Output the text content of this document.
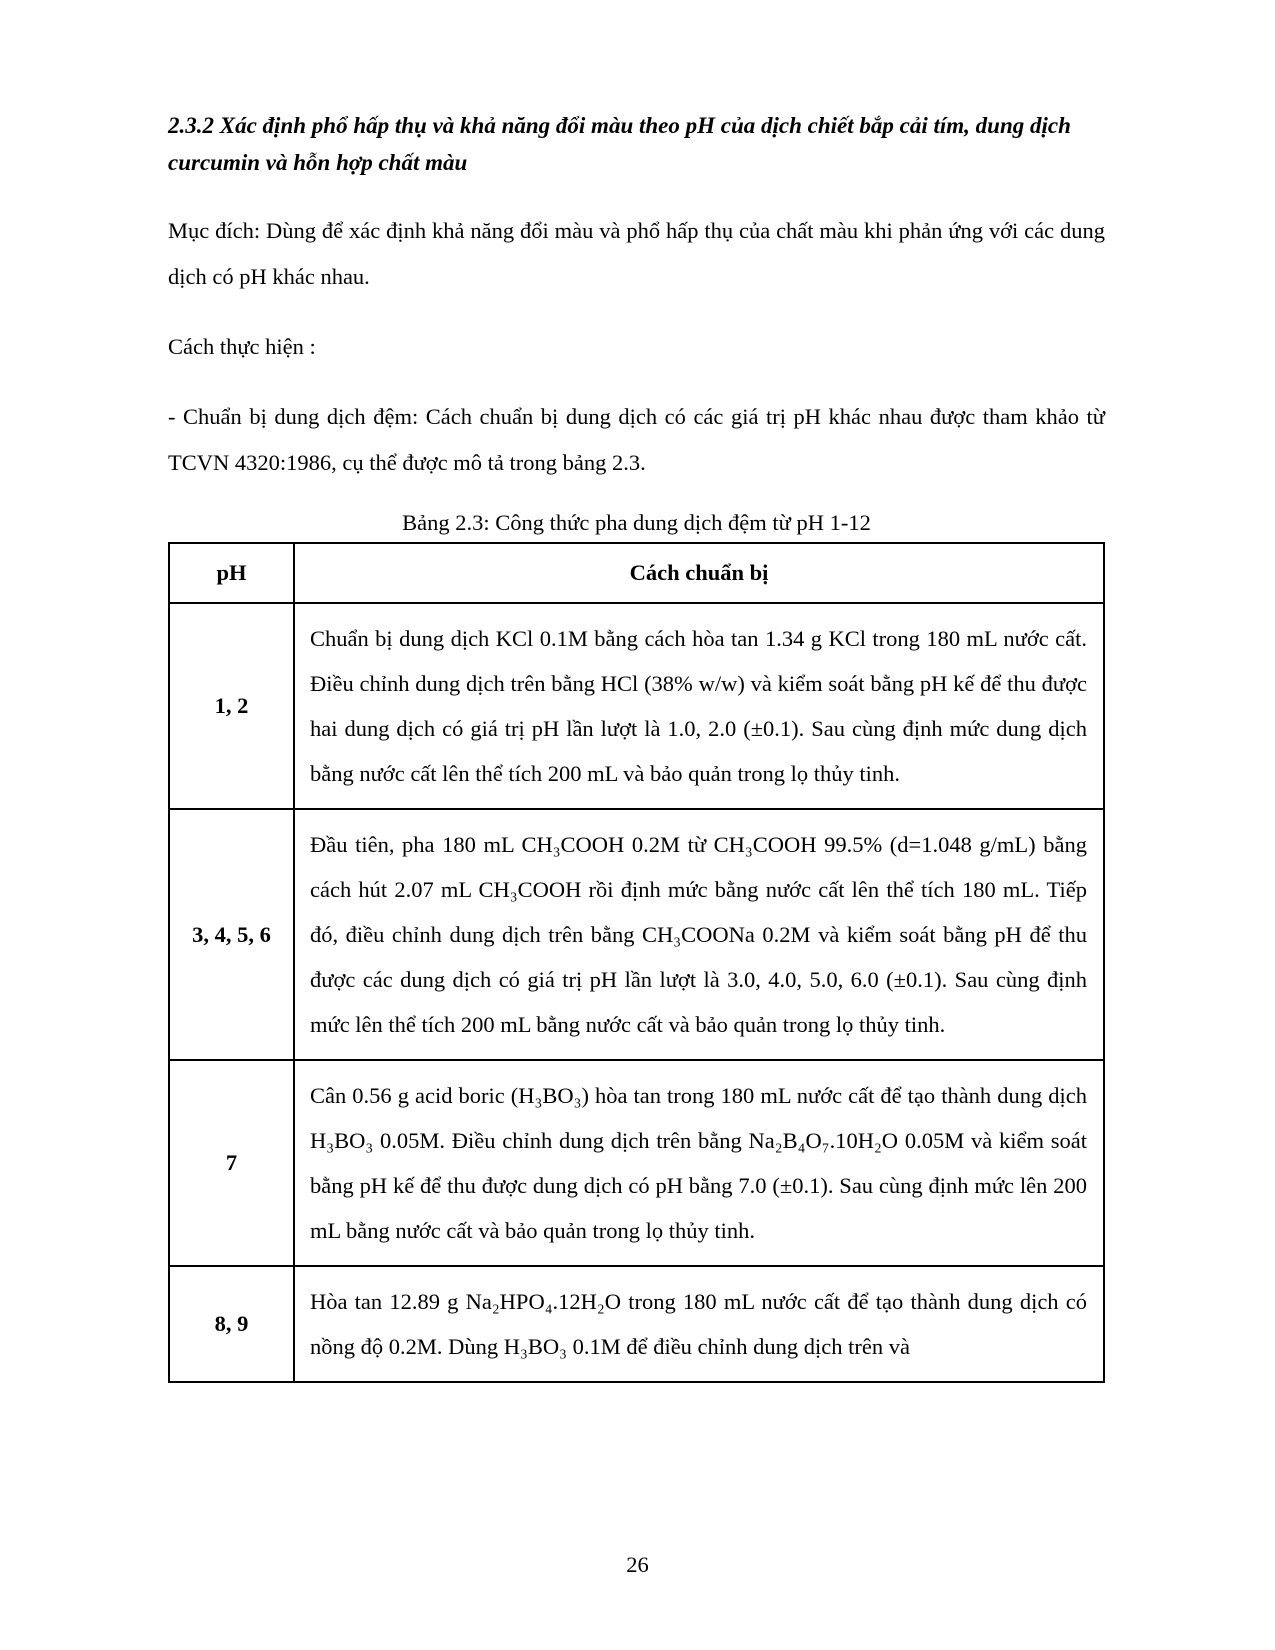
2.3.2 Xác định phổ hấp thụ và khả năng đổi màu theo pH của dịch chiết bắp cải tím, dung dịch curcumin và hỗn hợp chất màu

Mục đích: Dùng để xác định khả năng đổi màu và phổ hấp thụ của chất màu khi phản ứng với các dung dịch có pH khác nhau.

Cách thực hiện :

- Chuẩn bị dung dịch đệm: Cách chuẩn bị dung dịch có các giá trị pH khác nhau được tham khảo từ TCVN 4320:1986, cụ thể được mô tả trong bảng 2.3.

Bảng 2.3: Công thức pha dung dịch đệm từ pH 1-12

pH	Cách chuẩn bị
1, 2	Chuẩn bị dung dịch KCl 0.1M bằng cách hòa tan 1.34 g KCl trong 180 mL nước cất. Điều chỉnh dung dịch trên bằng HCl (38% w/w) và kiểm soát bằng pH kế để thu được hai dung dịch có giá trị pH lần lượt là 1.0, 2.0 (±0.1). Sau cùng định mức dung dịch bằng nước cất lên thể tích 200 mL và bảo quản trong lọ thủy tinh.
3, 4, 5, 6	Đầu tiên, pha 180 mL CH₃COOH 0.2M từ CH₃COOH 99.5% (d=1.048 g/mL) bằng cách hút 2.07 mL CH₃COOH rồi định mức bằng nước cất lên thể tích 180 mL. Tiếp đó, điều chỉnh dung dịch trên bằng CH₃COONa 0.2M và kiểm soát bằng pH để thu được các dung dịch có giá trị pH lần lượt là 3.0, 4.0, 5.0, 6.0 (±0.1). Sau cùng định mức lên thể tích 200 mL bằng nước cất và bảo quản trong lọ thủy tinh.
7	Cân 0.56 g acid boric (H₃BO₃) hòa tan trong 180 mL nước cất để tạo thành dung dịch H₃BO₃ 0.05M. Điều chỉnh dung dịch trên bằng Na₂B₄O₇.10H₂O 0.05M và kiểm soát bằng pH kế để thu được dung dịch có pH bằng 7.0 (±0.1). Sau cùng định mức lên 200 mL bằng nước cất và bảo quản trong lọ thủy tinh.
8, 9	Hòa tan 12.89 g Na₂HPO₄.12H₂O trong 180 mL nước cất để tạo thành dung dịch có nồng độ 0.2M. Dùng H₃BO₃ 0.1M để điều chỉnh dung dịch trên và
26
